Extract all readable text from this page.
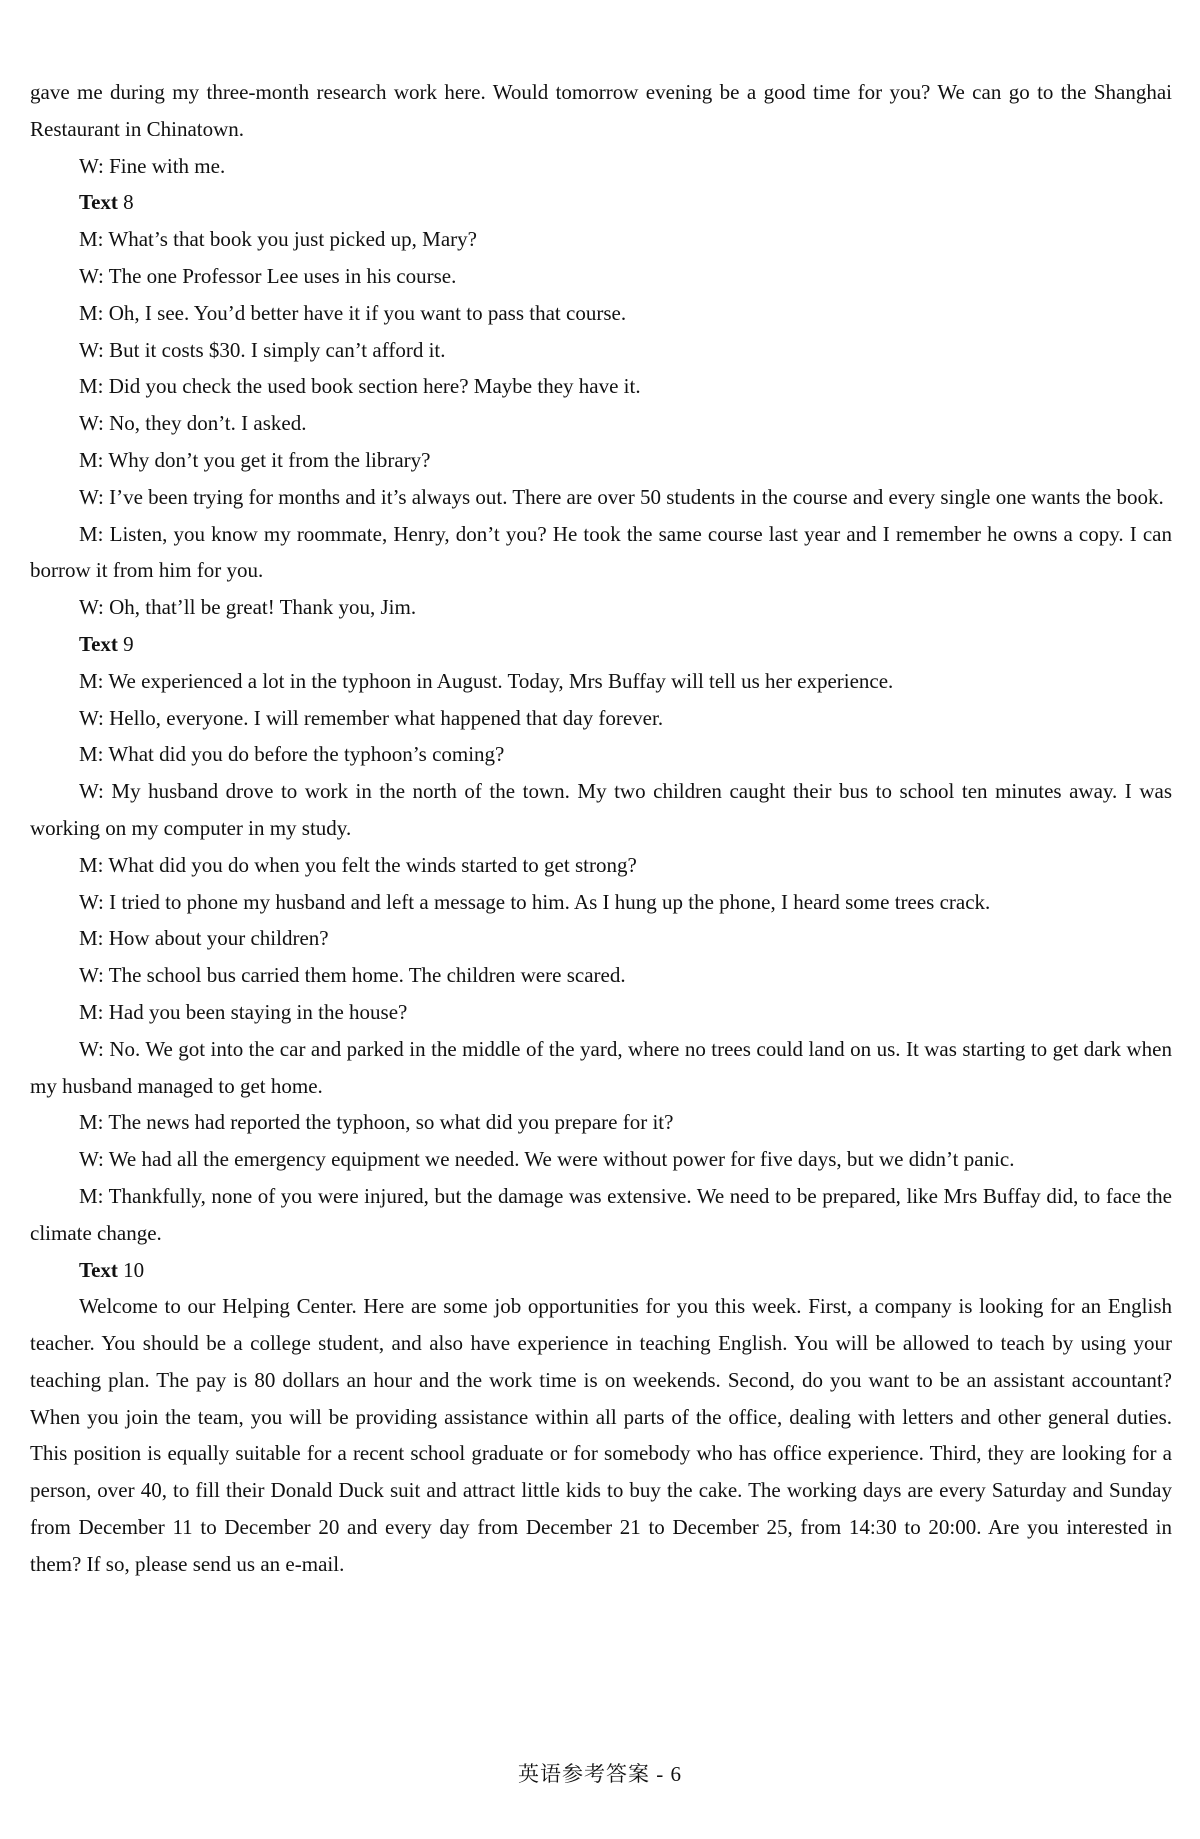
gave me during my three-month research work here. Would tomorrow evening be a good time for you? We can go to the Shanghai Restaurant in Chinatown.

W: Fine with me.

Text 8

M: What’s that book you just picked up, Mary?

W: The one Professor Lee uses in his course.

M: Oh, I see. You’d better have it if you want to pass that course.

W: But it costs $30. I simply can’t afford it.

M: Did you check the used book section here? Maybe they have it.

W: No, they don’t. I asked.

M: Why don’t you get it from the library?

W: I’ve been trying for months and it’s always out. There are over 50 students in the course and every single one wants the book.

M: Listen, you know my roommate, Henry, don’t you? He took the same course last year and I remember he owns a copy. I can borrow it from him for you.

W: Oh, that’ll be great! Thank you, Jim.

Text 9

M: We experienced a lot in the typhoon in August. Today, Mrs Buffay will tell us her experience.

W: Hello, everyone. I will remember what happened that day forever.

M: What did you do before the typhoon’s coming?

W: My husband drove to work in the north of the town. My two children caught their bus to school ten minutes away. I was working on my computer in my study.

M: What did you do when you felt the winds started to get strong?

W: I tried to phone my husband and left a message to him. As I hung up the phone, I heard some trees crack.

M: How about your children?

W: The school bus carried them home. The children were scared.

M: Had you been staying in the house?

W: No. We got into the car and parked in the middle of the yard, where no trees could land on us. It was starting to get dark when my husband managed to get home.

M: The news had reported the typhoon, so what did you prepare for it?

W: We had all the emergency equipment we needed. We were without power for five days, but we didn’t panic.

M: Thankfully, none of you were injured, but the damage was extensive. We need to be prepared, like Mrs Buffay did, to face the climate change.

Text 10

Welcome to our Helping Center. Here are some job opportunities for you this week. First, a company is looking for an English teacher. You should be a college student, and also have experience in teaching English. You will be allowed to teach by using your teaching plan. The pay is 80 dollars an hour and the work time is on weekends. Second, do you want to be an assistant accountant? When you join the team, you will be providing assistance within all parts of the office, dealing with letters and other general duties. This position is equally suitable for a recent school graduate or for somebody who has office experience. Third, they are looking for a person, over 40, to fill their Donald Duck suit and attract little kids to buy the cake. The working days are every Saturday and Sunday from December 11 to December 20 and every day from December 21 to December 25, from 14:30 to 20:00. Are you interested in them? If so, please send us an e-mail.

英语参考答案 - 6
